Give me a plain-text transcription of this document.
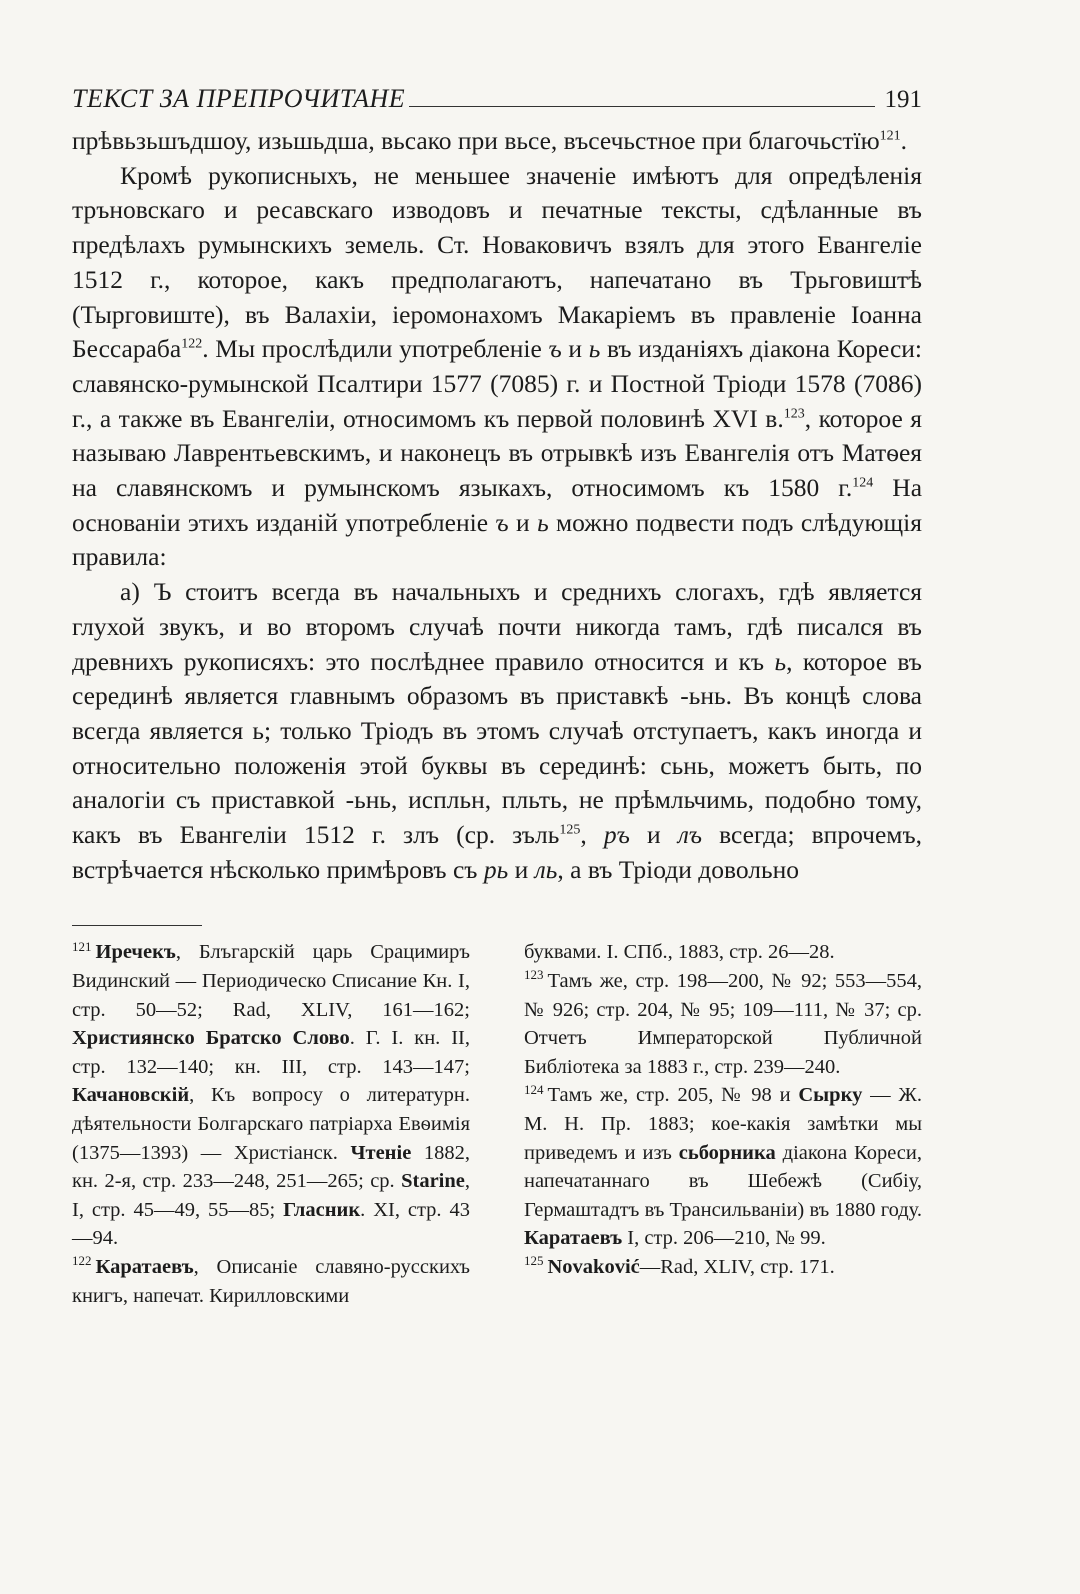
ТЕКСТ ЗА ПРЕПРОЧИТАНЕ	191

прѣвьзьшъдшоу, изьшьдша, вьсако при вьсе, въсечьстное при благочьстїю$^{121}$.

Кромѣ рукописныхъ, не меньшее значеніе имѣютъ для опредѣленія тръновскаго и ресавскаго изводовъ и печатные тексты, сдѣланные въ предѣлахъ румынскихъ земель. Ст. Новаковичъ взялъ для этого Евангеліе 1512 г., которое, какъ предполагаютъ, напечатано въ Трьговиштѣ (Тырговиште), въ Валахіи, іеромонахомъ Макаріемъ въ правленіе Іоанна Бессараба$^{122}$. Мы прослѣдили употребленіе ъ и ь въ изданіяхъ діакона Кореси: славянско-румынской Псалтири 1577 (7085) г. и Постной Тріоди 1578 (7086) г., а также въ Евангеліи, относимомъ къ первой половинѣ XVI в.$^{123}$, которое я называю Лаврентьевскимъ, и наконецъ въ отрывкѣ изъ Евангелія отъ Матѳея на славянскомъ и румынскомъ языкахъ, относимомъ къ 1580 г.$^{124}$ На основаніи этихъ изданій употребленіе ъ и ь можно подвести подъ слѣдующія правила:

а) Ъ стоитъ всегда въ начальныхъ и среднихъ слогахъ, гдѣ является глухой звукъ, и во второмъ случаѣ почти никогда тамъ, гдѣ писался въ древнихъ рукописяхъ: это послѣднее правило относится и къ ь, которое въ серединѣ является главнымъ образомъ въ приставкѣ -ьнь. Въ концѣ слова всегда является ь; только Тріодъ въ этомъ случаѣ отступаетъ, какъ иногда и относительно положенія этой буквы въ серединѣ: сьнь, можетъ быть, по аналогіи съ приставкой -ьнь, испльн, пльть, не прѣмльчимь, подобно тому, какъ въ Евангеліи 1512 г. злъ (ср. зъль$^{125}$, ръ и лъ всегда; впрочемъ, встрѣчается нѣсколько примѣровъ съ рь и ль, а въ Тріоди довольно

$^{121}$ Иречекъ, Блъгарскій царь Срацимиръ Видинский — Периодическо Списание Кн. I, стр. 50—52; Rad, XLIV, 161—162; Християнско Братско Слово. Г. I. кн. II, стр. 132—140; кн. III, стр. 143—147; Качановскій, Къ вопросу о литературн. дѣятельности Болгарскаго патріарха Евѳимія (1375—1393) — Христіанск. Чтеніе 1882, кн. 2-я, стр. 233—248, 251—265; ср. Starine, I, стр. 45—49, 55—85; Гласник. XI, стр. 43—94.

$^{122}$ Каратаевъ, Описаніе славяно-русскихъ книгъ, напечат. Кирилловскими

буквами. I. СПб., 1883, стр. 26—28.

$^{123}$ Тамъ же, стр. 198—200, № 92; 553—554, № 926; стр. 204, № 95; 109—111, № 37; ср. Отчетъ Императорской Публичной Библіотека за 1883 г., стр. 239—240.

$^{124}$ Тамъ же, стр. 205, № 98 и Сырку — Ж. М. Н. Пр. 1883; кое-какія замѣтки мы приведемъ и изъ сьборника діакона Кореси, напечатаннаго въ Шебежѣ (Сибіу, Гермаштадтъ въ Трансильваніи) въ 1880 году. Каратаевъ I, стр. 206—210, № 99.

$^{125}$ Novaković—Rad, XLIV, стр. 171.
